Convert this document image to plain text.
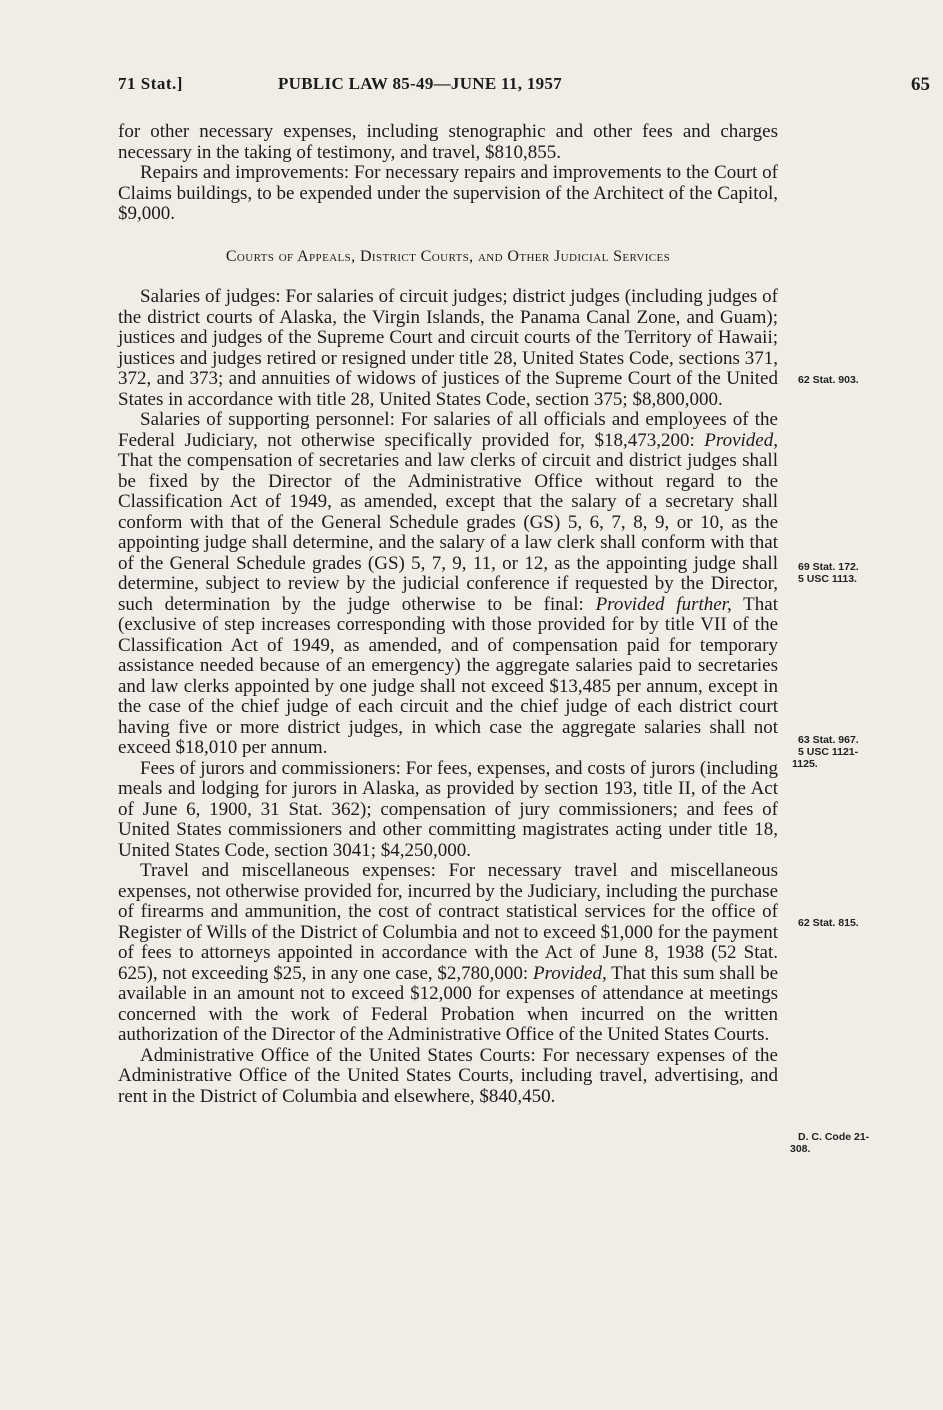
71 Stat.]	PUBLIC LAW 85-49—JUNE 11, 1957	65

for other necessary expenses, including stenographic and other fees and charges necessary in the taking of testimony, and travel, $810,855.

Repairs and improvements: For necessary repairs and improvements to the Court of Claims buildings, to be expended under the supervision of the Architect of the Capitol, $9,000.

Courts of Appeals, District Courts, and Other Judicial Services

Salaries of judges: For salaries of circuit judges; district judges (including judges of the district courts of Alaska, the Virgin Islands, the Panama Canal Zone, and Guam); justices and judges of the Supreme Court and circuit courts of the Territory of Hawaii; justices and judges retired or resigned under title 28, United States Code, sections 371, 372, and 373; and annuities of widows of justices of the Supreme Court of the United States in accordance with title 28, United States Code, section 375; $8,800,000.

Salaries of supporting personnel: For salaries of all officials and employees of the Federal Judiciary, not otherwise specifically provided for, $18,473,200: Provided, That the compensation of secretaries and law clerks of circuit and district judges shall be fixed by the Director of the Administrative Office without regard to the Classification Act of 1949, as amended, except that the salary of a secretary shall conform with that of the General Schedule grades (GS) 5, 6, 7, 8, 9, or 10, as the appointing judge shall determine, and the salary of a law clerk shall conform with that of the General Schedule grades (GS) 5, 7, 9, 11, or 12, as the appointing judge shall determine, subject to review by the judicial conference if requested by the Director, such determination by the judge otherwise to be final: Provided further, That (exclusive of step increases corresponding with those provided for by title VII of the Classification Act of 1949, as amended, and of compensation paid for temporary assistance needed because of an emergency) the aggregate salaries paid to secretaries and law clerks appointed by one judge shall not exceed $13,485 per annum, except in the case of the chief judge of each circuit and the chief judge of each district court having five or more district judges, in which case the aggregate salaries shall not exceed $18,010 per annum.

Fees of jurors and commissioners: For fees, expenses, and costs of jurors (including meals and lodging for jurors in Alaska, as provided by section 193, title II, of the Act of June 6, 1900, 31 Stat. 362); compensation of jury commissioners; and fees of United States commissioners and other committing magistrates acting under title 18, United States Code, section 3041; $4,250,000.

Travel and miscellaneous expenses: For necessary travel and miscellaneous expenses, not otherwise provided for, incurred by the Judiciary, including the purchase of firearms and ammunition, the cost of contract statistical services for the office of Register of Wills of the District of Columbia and not to exceed $1,000 for the payment of fees to attorneys appointed in accordance with the Act of June 8, 1938 (52 Stat. 625), not exceeding $25, in any one case, $2,780,000: Provided, That this sum shall be available in an amount not to exceed $12,000 for expenses of attendance at meetings concerned with the work of Federal Probation when incurred on the written authorization of the Director of the Administrative Office of the United States Courts.

Administrative Office of the United States Courts: For necessary expenses of the Administrative Office of the United States Courts, including travel, advertising, and rent in the District of Columbia and elsewhere, $840,450.

62 Stat. 903.
69 Stat. 172.
5 USC 1113.
63 Stat. 967.
5 USC 1121-
1125.
62 Stat. 815.
D. C. Code 21-
308.
